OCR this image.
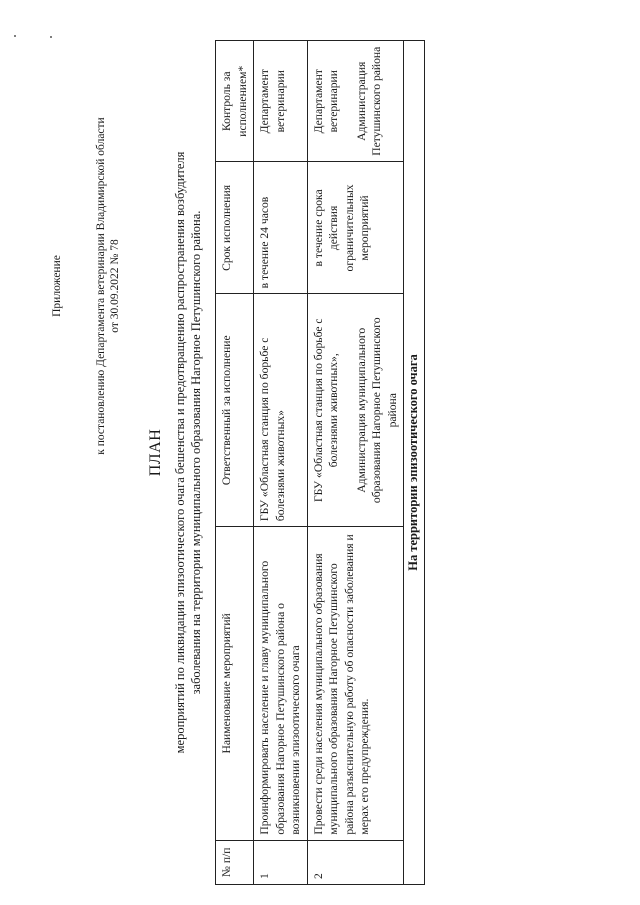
Приложение	к постановлению Департамента ветеринарии Владимирской области от 30.09.2022 № 78
ПЛАН мероприятий по ликвидации эпизоотического очага бешенства и предотвращению распространения возбудителя заболевания на территории муниципального образования Нагорное Петушинского района.
№ п/п	Наименование мероприятий	Ответственный за исполнение	Срок исполнения	Контроль за исполнением*
1	Проинформировать население и главу муниципального образования Нагорное Петушинского района о возникновении эпизоотического очага	ГБУ «Областная станция по борьбе с болезнями животных»	в течение 24 часов	Департамент ветеринарии
2	Провести среди населения муниципального образования муниципального образования Нагорное Петушинского района разъяснительную работу об опасности заболевания и мерах его предупреждения.	ГБУ «Областная станция по борьбе с болезнями животных», Администрация муниципального образования Нагорное Петушинского района	в течение срока действия ограничительных мероприятий	Департамент ветеринарии Администрация Петушинского района
На территории эпизоотического очага				
